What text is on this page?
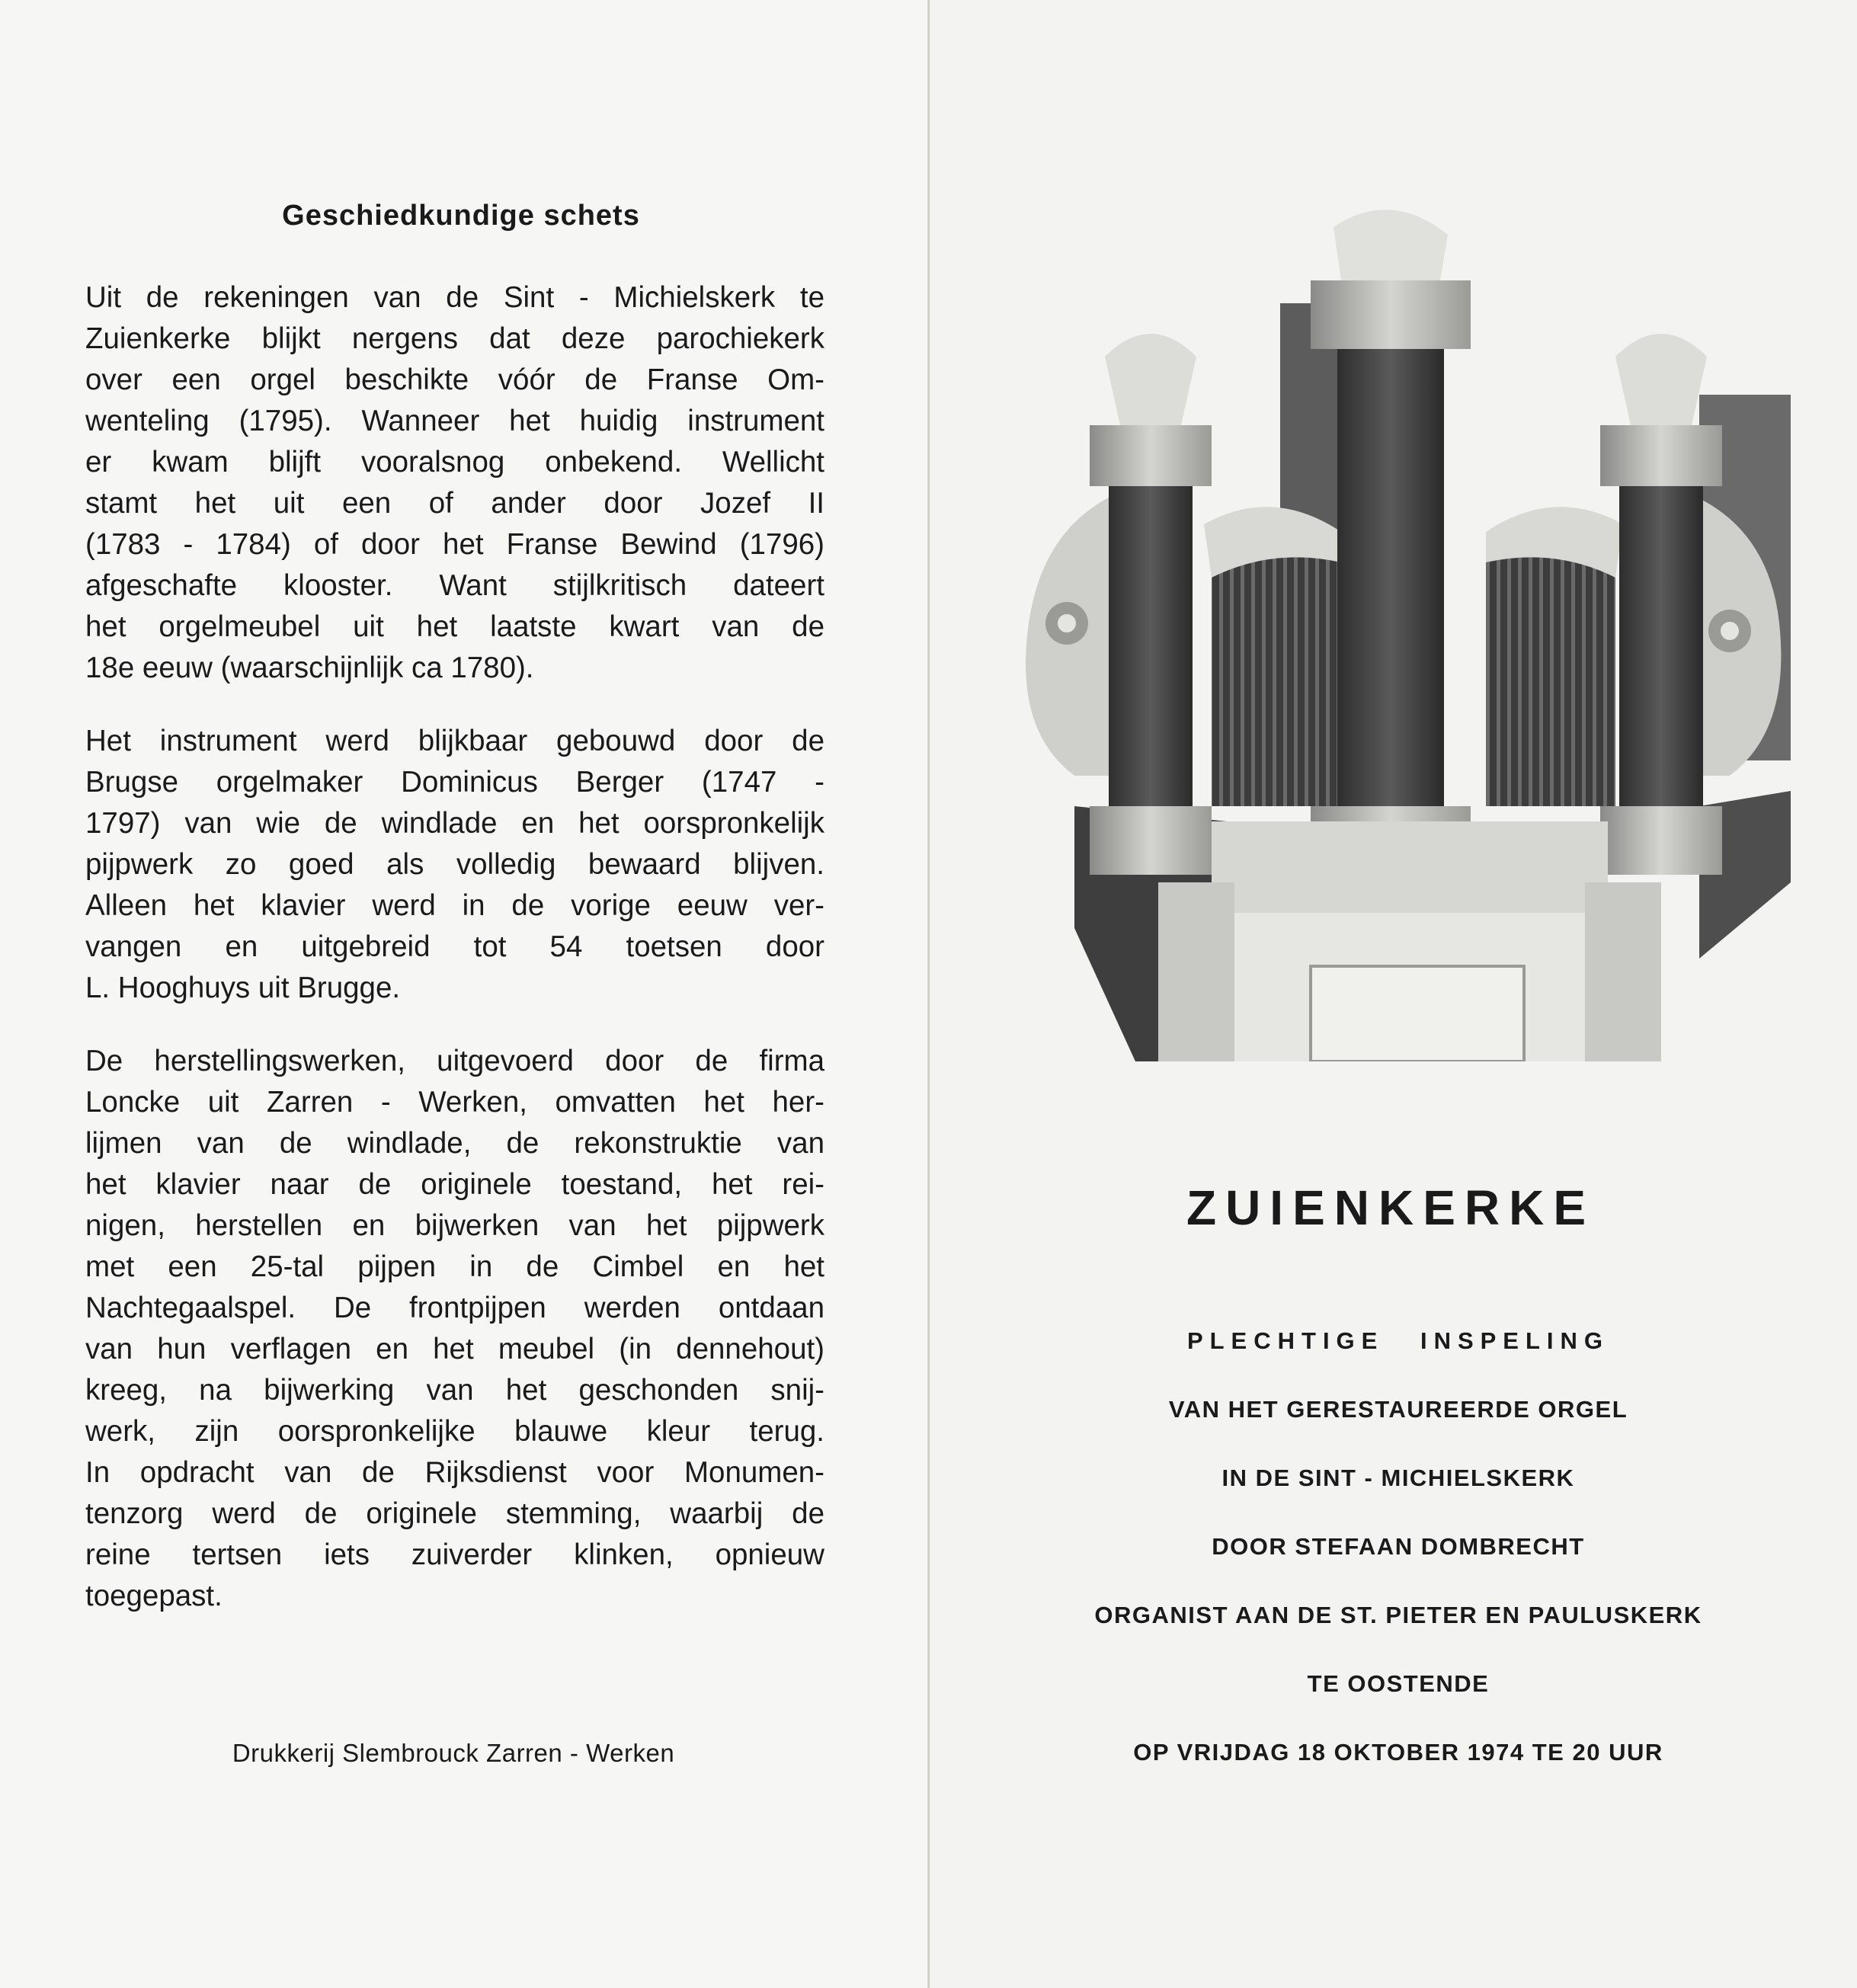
Geschiedkundige schets
Uit de rekeningen van de Sint - Michielskerk te
Zuienkerke blijkt nergens dat deze parochiekerk
over een orgel beschikte vóór de Franse Om-
wenteling (1795). Wanneer het huidig instrument
er kwam blijft vooralsnog onbekend. Wellicht
stamt het uit een of ander door Jozef II
(1783 - 1784) of door het Franse Bewind (1796)
afgeschafte klooster. Want stijlkritisch dateert
het orgelmeubel uit het laatste kwart van de
18e eeuw (waarschijnlijk ca 1780).
Het instrument werd blijkbaar gebouwd door de
Brugse orgelmaker Dominicus Berger (1747 -
1797) van wie de windlade en het oorspronkelijk
pijpwerk zo goed als volledig bewaard blijven.
Alleen het klavier werd in de vorige eeuw ver-
vangen en uitgebreid tot 54 toetsen door
L. Hooghuys uit Brugge.
De herstellingswerken, uitgevoerd door de firma
Loncke uit Zarren - Werken, omvatten het her-
lijmen van de windlade, de rekonstruktie van
het klavier naar de originele toestand, het rei-
nigen, herstellen en bijwerken van het pijpwerk
met een 25-tal pijpen in de Cimbel en het
Nachtegaalspel. De frontpijpen werden ontdaan
van hun verflagen en het meubel (in dennehout)
kreeg, na bijwerking van het geschonden snij-
werk, zijn oorspronkelijke blauwe kleur terug.
In opdracht van de Rijksdienst voor Monumen-
tenzorg werd de originele stemming, waarbij de
reine tertsen iets zuiverder klinken, opnieuw
toegepast.
Drukkerij Slembrouck Zarren - Werken
ZUIENKERKE
PLECHTIGE INSPELING
VAN HET GERESTAUREERDE ORGEL
IN DE SINT - MICHIELSKERK
DOOR STEFAAN DOMBRECHT
ORGANIST AAN DE ST. PIETER EN PAULUSKERK
TE OOSTENDE
OP VRIJDAG 18 OKTOBER 1974 TE 20 UUR
